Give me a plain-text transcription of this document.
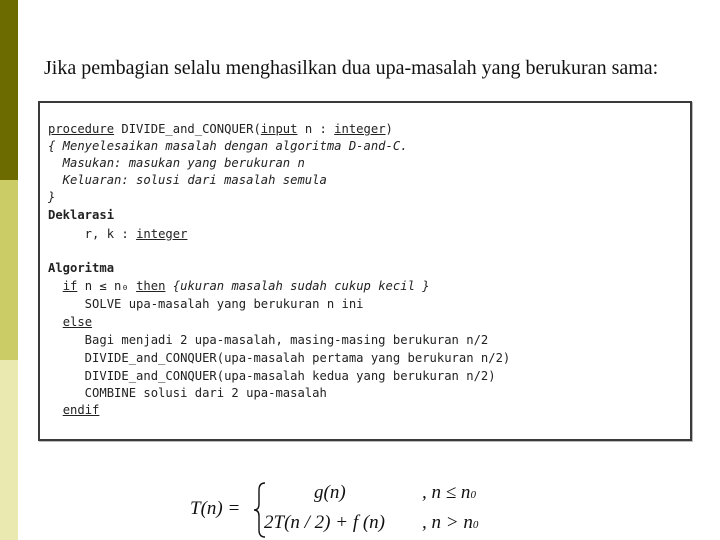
Jika pembagian selalu menghasilkan dua upa-masalah yang berukuran sama:
procedure DIVIDE_and_CONQUER(input n : integer)
{ Menyelesaikan masalah dengan algoritma D-and-C.
Masukan: masukan yang berukuran n
Keluaran: solusi dari masalah semula
}
Deklarasi
r, k : integer
Algoritma
if n ≤ n₀ then {ukuran masalah sudah cukup kecil }
SOLVE upa-masalah yang berukuran n ini
else
Bagi menjadi 2 upa-masalah, masing-masing berukuran n/2
DIVIDE_and_CONQUER(upa-masalah pertama yang berukuran n/2)
DIVIDE_and_CONQUER(upa-masalah kedua yang berukuran n/2)
COMBINE solusi dari 2 upa-masalah
endif
T(n) =
g(n)	, n ≤ n0
2T(n / 2) + f (n) , n > n0
